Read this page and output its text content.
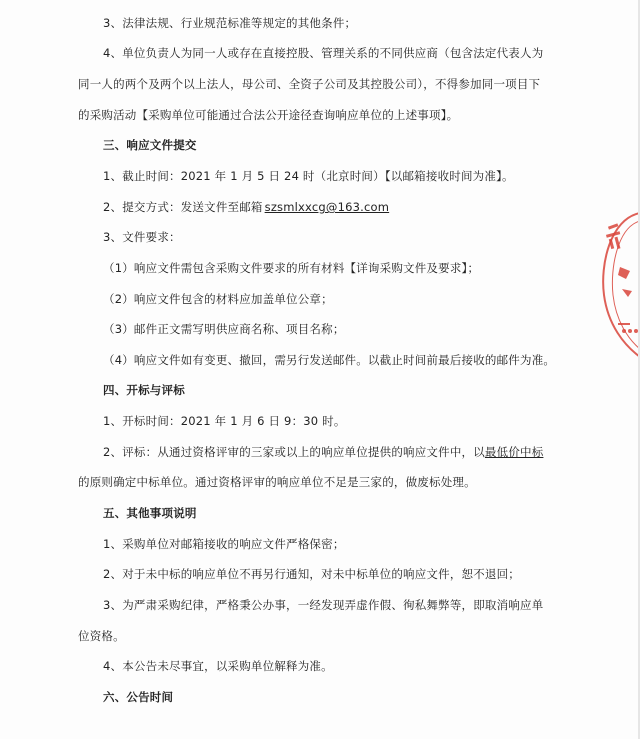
3、法律法规、行业规范标准等规定的其他条件；
4、单位负责人为同一人或存在直接控股、管理关系的不同供应商（包含法定代表人为
同一人的两个及两个以上法人，母公司、全资子公司及其控股公司），不得参加同一项目下
的采购活动【采购单位可能通过合法公开途径查询响应单位的上述事项】。
三、响应文件提交
1、截止时间：2021 年 1 月 5 日 24 时（北京时间）【以邮箱接收时间为准】。
2、提交方式：发送文件至邮箱 szsmlxxcg@163.com
3、文件要求：
（1）响应文件需包含采购文件要求的所有材料【详询采购文件及要求】；
（2）响应文件包含的材料应加盖单位公章；
（3）邮件正文需写明供应商名称、项目名称；
（4）响应文件如有变更、撤回，需另行发送邮件。以截止时间前最后接收的邮件为准。
四、开标与评标
1、开标时间：2021 年 1 月 6 日 9：30 时。
2、评标：从通过资格评审的三家或以上的响应单位提供的响应文件中，以最低价中标
的原则确定中标单位。通过资格评审的响应单位不足是三家的，做废标处理。
五、其他事项说明
1、采购单位对邮箱接收的响应文件严格保密；
2、对于未中标的响应单位不再另行通知，对未中标单位的响应文件，恕不退回；
3、为严肃采购纪律，严格秉公办事，一经发现弄虚作假、徇私舞弊等，即取消响应单
位资格。
4、本公告未尽事宜，以采购单位解释为准。
六、公告时间
